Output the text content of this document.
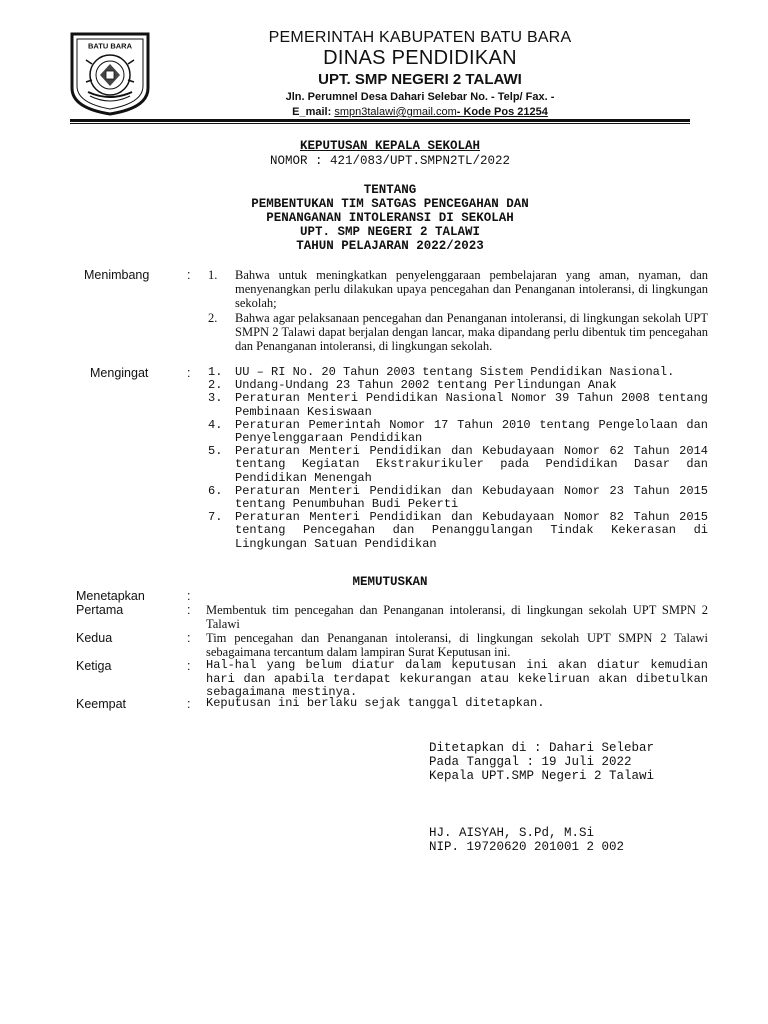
BATU BARA	PEMERINTAH KABUPATEN BATU BARA
DINAS PENDIDIKAN
UPT. SMP NEGERI 2 TALAWI
Jln. Perumnel Desa Dahari Selebar No. - Telp/ Fax. -
E_mail: smpn3talawi@gmail.com- Kode Pos 21254
KEPUTUSAN KEPALA SEKOLAH
NOMOR : 421/083/UPT.SMPN2TL/2022
TENTANG
PEMBENTUKAN TIM SATGAS PENCEGAHAN DAN
PENANGANAN INTOLERANSI DI SEKOLAH
UPT. SMP NEGERI 2 TALAWI
TAHUN PELAJARAN 2022/2023
Menimbang	: 1. Bahwa untuk meningkatkan penyelenggaraan pembelajaran yang aman, nyaman, dan menyenangkan perlu dilakukan upaya pencegahan dan Penanganan intoleransi, di lingkungan sekolah;
2. Bahwa agar pelaksanaan pencegahan dan Penanganan intoleransi, di lingkungan sekolah UPT SMPN 2 Talawi dapat berjalan dengan lancar, maka dipandang perlu dibentuk tim pencegahan dan Penanganan intoleransi, di lingkungan sekolah.
Mengingat	: 1. UU – RI No. 20 Tahun 2003 tentang Sistem Pendidikan Nasional.
2. Undang-Undang 23 Tahun 2002 tentang Perlindungan Anak
3. Peraturan Menteri Pendidikan Nasional Nomor 39 Tahun 2008 tentang Pembinaan Kesiswaan
4. Peraturan Pemerintah Nomor 17 Tahun 2010 tentang Pengelolaan dan Penyelenggaraan Pendidikan
5. Peraturan Menteri Pendidikan dan Kebudayaan Nomor 62 Tahun 2014 tentang Kegiatan Ekstrakurikuler pada Pendidikan Dasar dan Pendidikan Menengah
6. Peraturan Menteri Pendidikan dan Kebudayaan Nomor 23 Tahun 2015 tentang Penumbuhan Budi Pekerti
7. Peraturan Menteri Pendidikan dan Kebudayaan Nomor 82 Tahun 2015 tentang Pencegahan dan Penanggulangan Tindak Kekerasan di Lingkungan Satuan Pendidikan
MEMUTUSKAN
Menetapkan	:
Pertama	: Membentuk tim pencegahan dan Penanganan intoleransi, di lingkungan sekolah UPT SMPN 2 Talawi
Kedua	: Tim pencegahan dan Penanganan intoleransi, di lingkungan sekolah UPT SMPN 2 Talawi sebagaimana tercantum dalam lampiran Surat Keputusan ini.
Ketiga	: Hal-hal yang belum diatur dalam keputusan ini akan diatur kemudian hari dan apabila terdapat kekurangan atau kekeliruan akan dibetulkan sebagaimana mestinya.
Keempat	: Keputusan ini berlaku sejak tanggal ditetapkan.
Ditetapkan di : Dahari Selebar
Pada Tanggal : 19 Juli 2022
Kepala UPT.SMP Negeri 2 Talawi
HJ. AISYAH, S.Pd, M.Si
NIP. 19720620 201001 2 002
